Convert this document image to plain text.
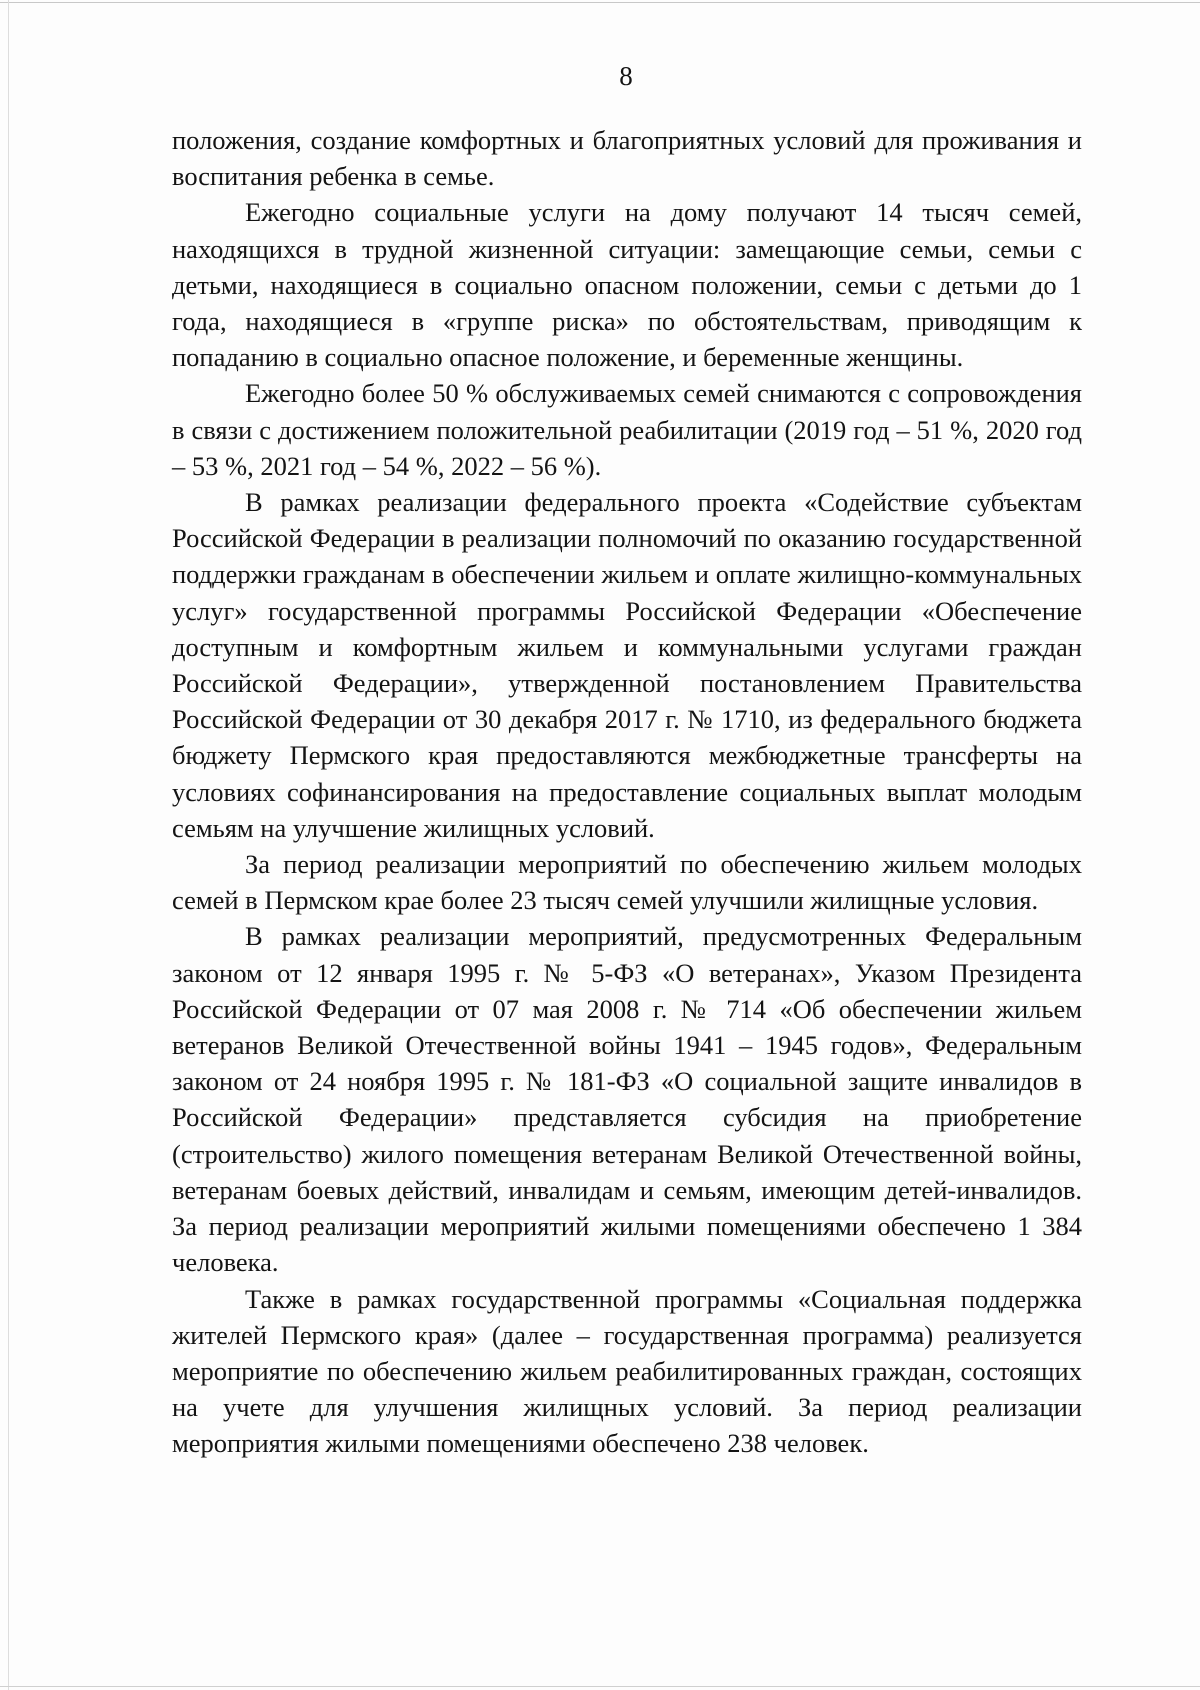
8

положения, создание комфортных и благоприятных условий для проживания и воспитания ребенка в семье.

Ежегодно социальные услуги на дому получают 14 тысяч семей, находящихся в трудной жизненной ситуации: замещающие семьи, семьи с детьми, находящиеся в социально опасном положении, семьи с детьми до 1 года, находящиеся в «группе риска» по обстоятельствам, приводящим к попаданию в социально опасное положение, и беременные женщины.

Ежегодно более 50 % обслуживаемых семей снимаются с сопровождения в связи с достижением положительной реабилитации (2019 год – 51 %, 2020 год – 53 %, 2021 год – 54 %, 2022 – 56 %).

В рамках реализации федерального проекта «Содействие субъектам Российской Федерации в реализации полномочий по оказанию государственной поддержки гражданам в обеспечении жильем и оплате жилищно-коммунальных услуг» государственной программы Российской Федерации «Обеспечение доступным и комфортным жильем и коммунальными услугами граждан Российской Федерации», утвержденной постановлением Правительства Российской Федерации от 30 декабря 2017 г. № 1710, из федерального бюджета бюджету Пермского края предоставляются межбюджетные трансферты на условиях софинансирования на предоставление социальных выплат молодым семьям на улучшение жилищных условий.

За период реализации мероприятий по обеспечению жильем молодых семей в Пермском крае более 23 тысяч семей улучшили жилищные условия.

В рамках реализации мероприятий, предусмотренных Федеральным законом от 12 января 1995 г. № 5-ФЗ «О ветеранах», Указом Президента Российской Федерации от 07 мая 2008 г. № 714 «Об обеспечении жильем ветеранов Великой Отечественной войны 1941 – 1945 годов», Федеральным законом от 24 ноября 1995 г. № 181-ФЗ «О социальной защите инвалидов в Российской Федерации» представляется субсидия на приобретение (строительство) жилого помещения ветеранам Великой Отечественной войны, ветеранам боевых действий, инвалидам и семьям, имеющим детей-инвалидов. За период реализации мероприятий жилыми помещениями обеспечено 1 384 человека.

Также в рамках государственной программы «Социальная поддержка жителей Пермского края» (далее – государственная программа) реализуется мероприятие по обеспечению жильем реабилитированных граждан, состоящих на учете для улучшения жилищных условий. За период реализации мероприятия жилыми помещениями обеспечено 238 человек.
